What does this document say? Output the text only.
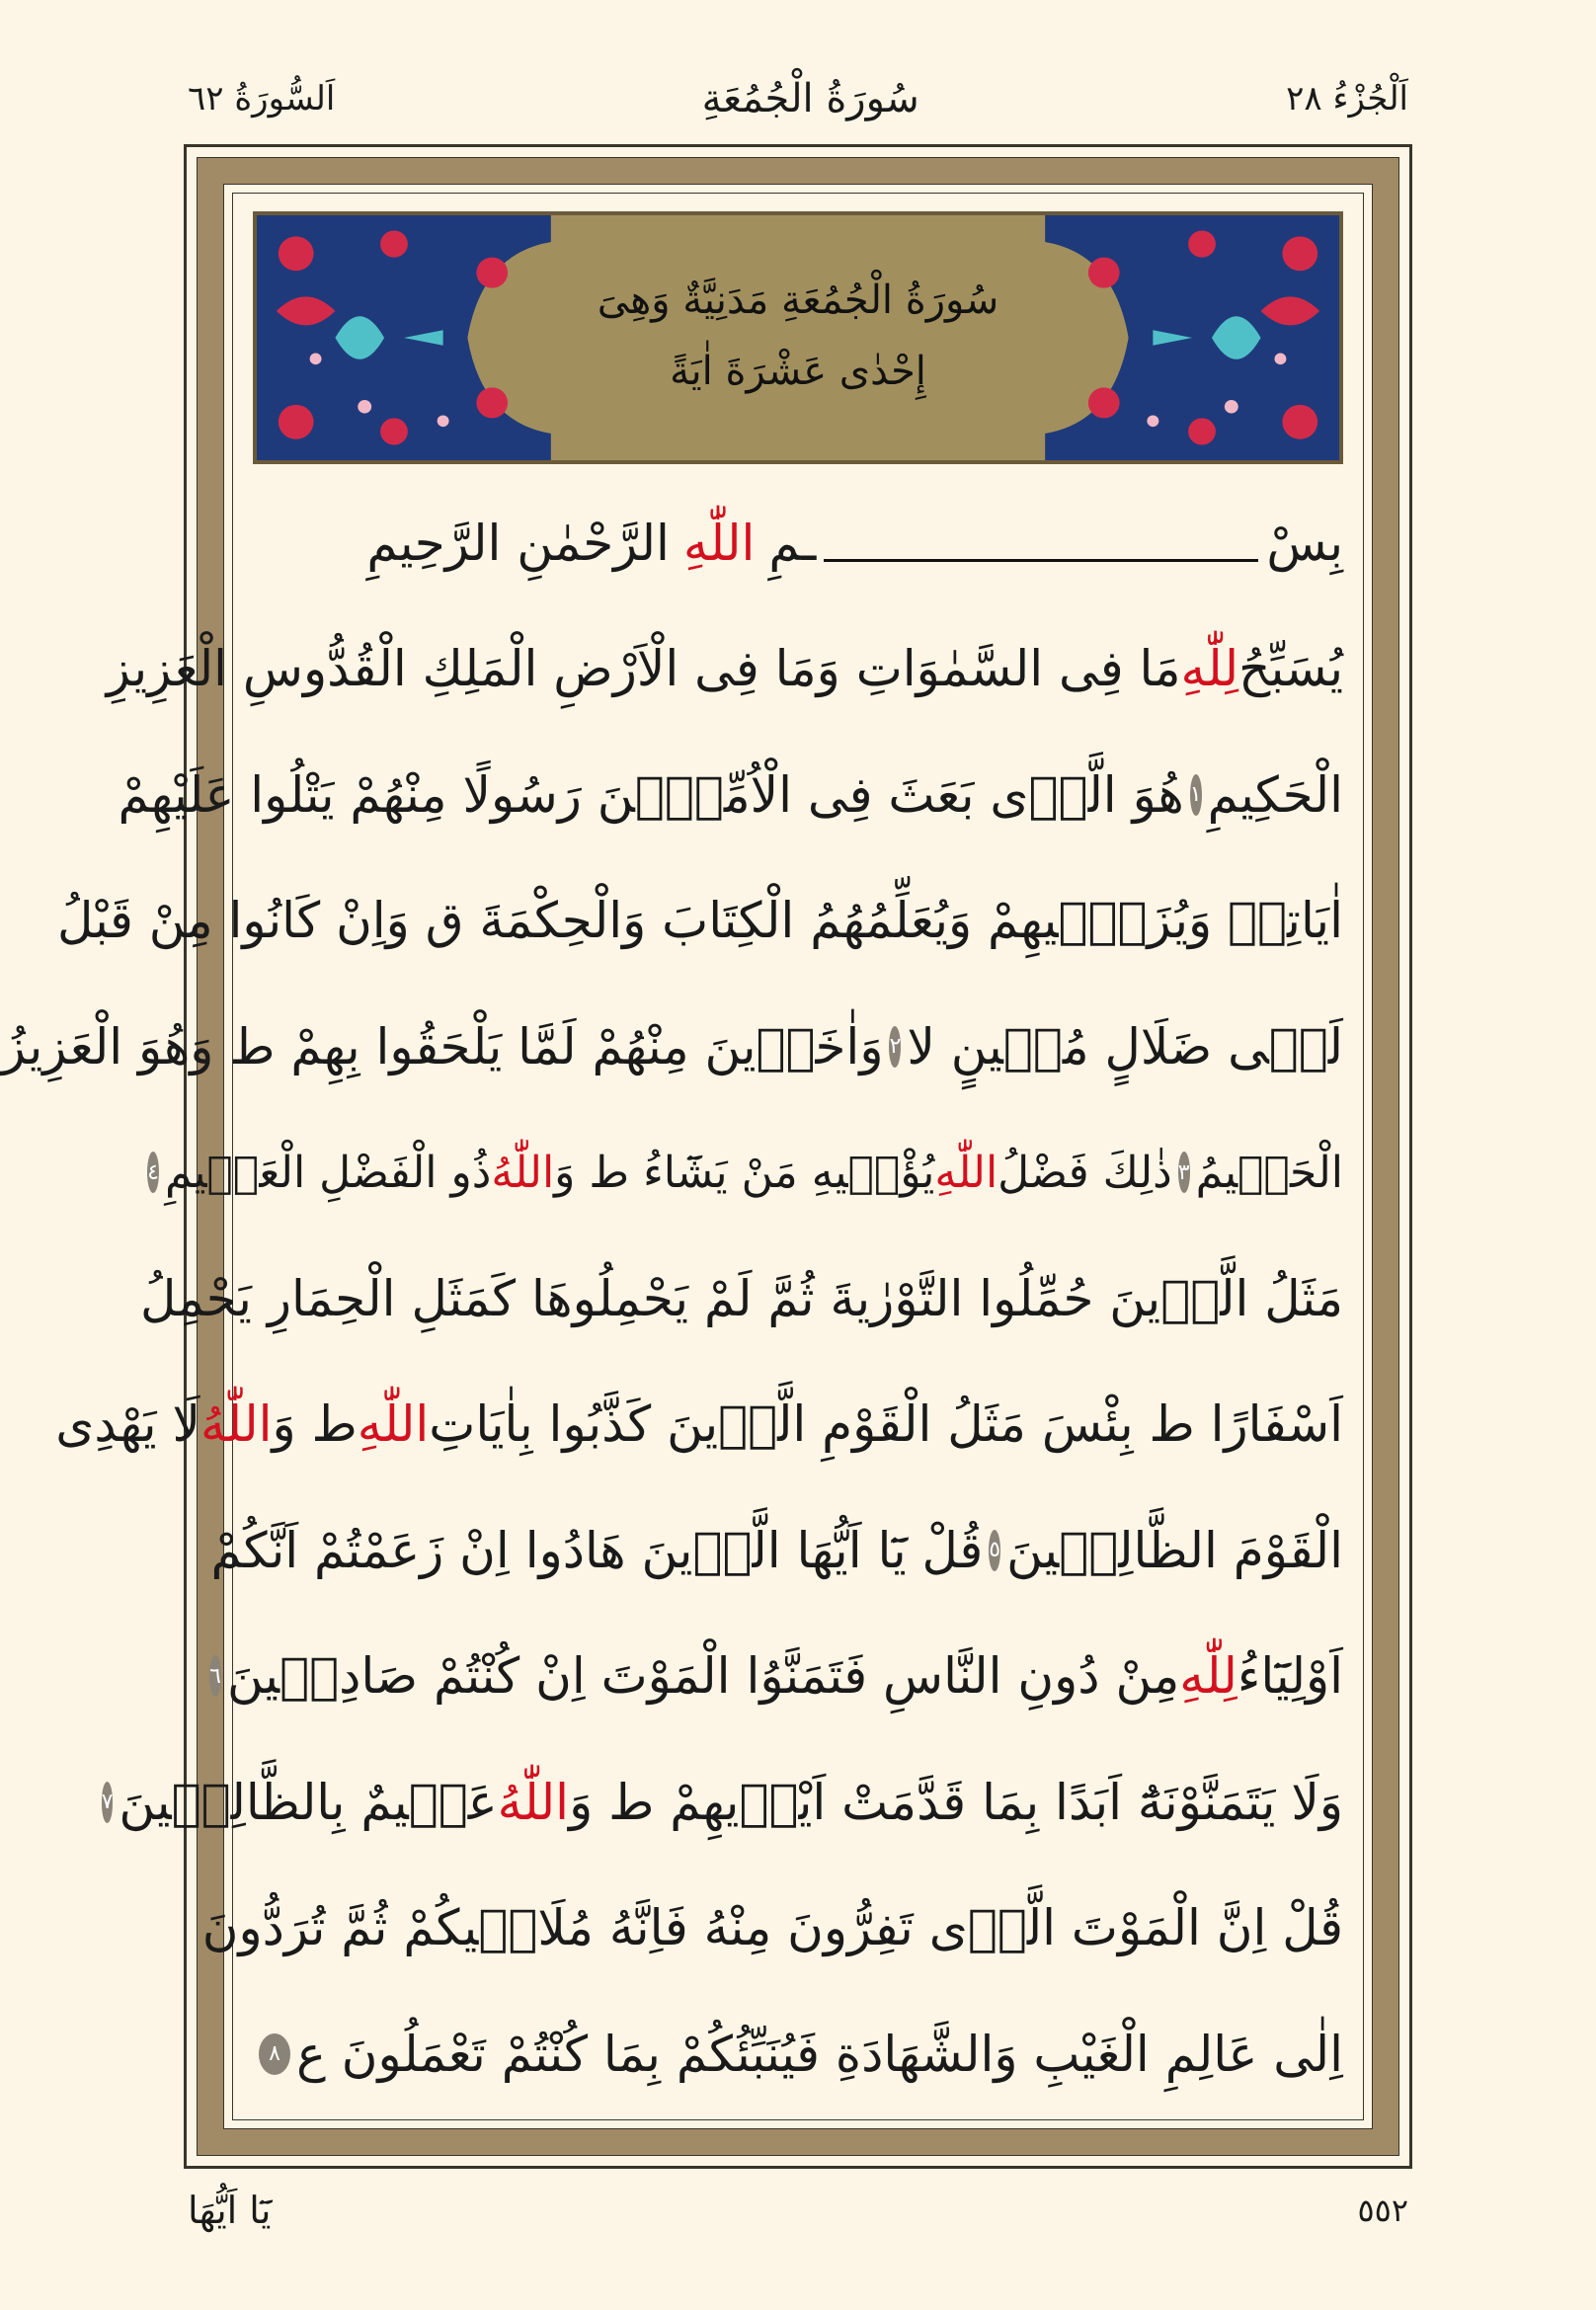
اَلْجُزْءُ ٢٨
سُورَةُ الْجُمُعَةِ
اَلسُّورَةُ ٦٢
سُورَةُ الْجُمُعَةِ مَدَنِيَّةٌ وَهِىَ
إِحْدٰى عَشْرَةَ اٰيَةً
بِسْ
ـمِ
اللّٰهِ
الرَّحْمٰنِ الرَّحِيمِ
يُسَبِّحُ
لِلّٰهِ
مَا فِى السَّمٰوَاتِ وَمَا فِى الْاَرْضِ الْمَلِكِ الْقُدُّوسِ الْعَزِيزِ
الْحَكِيمِ
١
هُوَ الَّذٖى بَعَثَ فِى الْاُمِّيّٖنَ رَسُولًا مِنْهُمْ يَتْلُوا عَلَيْهِمْ
اٰيَاتِهٖ وَيُزَكّٖيهِمْ وَيُعَلِّمُهُمُ الْكِتَابَ وَالْحِكْمَةَ ق وَاِنْ كَانُوا مِنْ قَبْلُ
لَفٖى ضَلَالٍ مُبٖينٍ لا
٢
وَاٰخَرٖينَ مِنْهُمْ لَمَّا يَلْحَقُوا بِهِمْ ط وَهُوَ الْعَزِيزُ
الْحَكٖيمُ
٣
ذٰلِكَ فَضْلُ
اللّٰهِ
يُؤْتٖيهِ مَنْ يَشَٓاءُ ط وَ
اللّٰهُ
ذُو الْفَضْلِ الْعَظٖيمِ
٤
مَثَلُ الَّذٖينَ حُمِّلُوا التَّوْرٰيةَ ثُمَّ لَمْ يَحْمِلُوهَا كَمَثَلِ الْحِمَارِ يَحْمِلُ
اَسْفَارًا ط بِئْسَ مَثَلُ الْقَوْمِ الَّذٖينَ كَذَّبُوا بِاٰيَاتِ
اللّٰهِ
ط وَ
اللّٰهُ
لَا يَهْدِى
الْقَوْمَ الظَّالِمٖينَ
٥
قُلْ يَٓا اَيُّهَا الَّذٖينَ هَادُوا اِنْ زَعَمْتُمْ اَنَّكُمْ
اَوْلِيَٓاءُ
لِلّٰهِ
مِنْ دُونِ النَّاسِ فَتَمَنَّوُا الْمَوْتَ اِنْ كُنْتُمْ صَادِقٖينَ
٦
وَلَا يَتَمَنَّوْنَهُٓ اَبَدًا بِمَا قَدَّمَتْ اَيْدٖيهِمْ ط وَ
اللّٰهُ
عَلٖيمٌ بِالظَّالِمٖينَ
٧
قُلْ اِنَّ الْمَوْتَ الَّذٖى تَفِرُّونَ مِنْهُ فَاِنَّهُ مُلَاقٖيكُمْ ثُمَّ تُرَدُّونَ
اِلٰى عَالِمِ الْغَيْبِ وَالشَّهَادَةِ فَيُنَبِّئُكُمْ بِمَا كُنْتُمْ تَعْمَلُونَ ع
٨
يَٓا اَيُّهَا	٥٥٢
